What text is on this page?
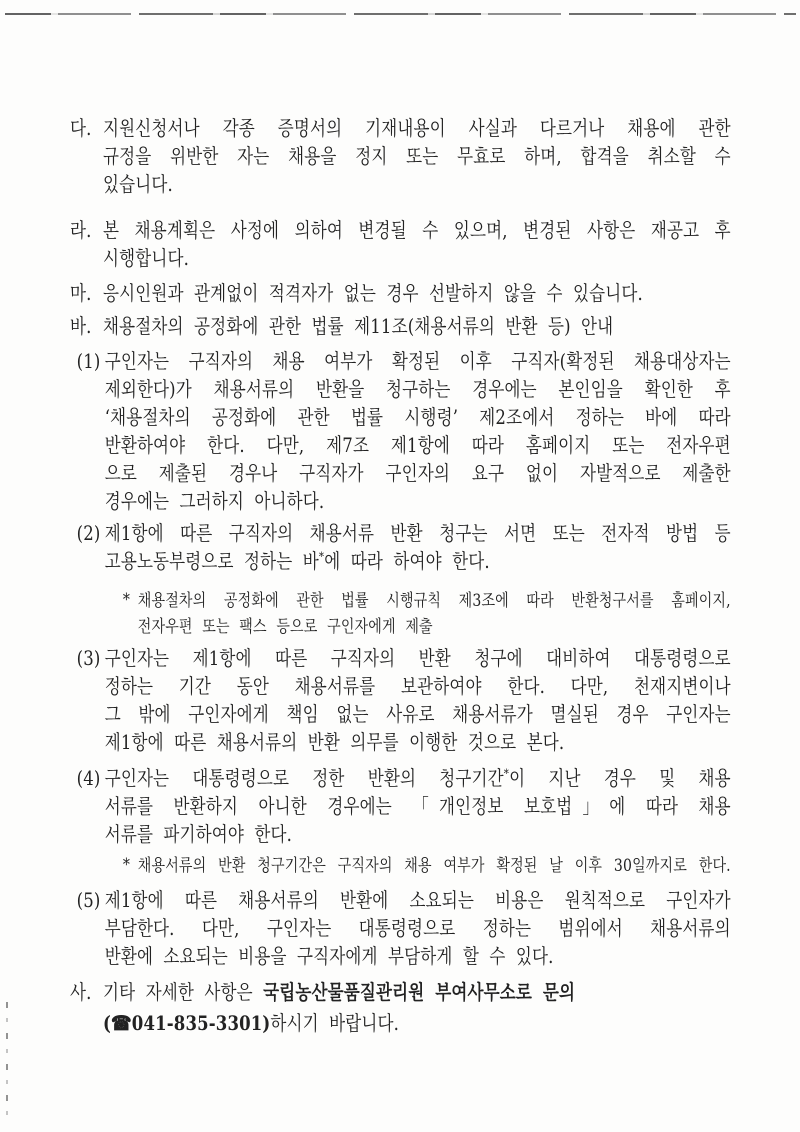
다. 지원신청서나 각종 증명서의 기재내용이 사실과 다르거나 채용에 관한
규정을 위반한 자는 채용을 정지 또는 무효로 하며, 합격을 취소할 수
있습니다.
라. 본 채용계획은 사정에 의하여 변경될 수 있으며, 변경된 사항은 재공고 후
시행합니다.
마. 응시인원과 관계없이 적격자가 없는 경우 선발하지 않을 수 있습니다.
바. 채용절차의 공정화에 관한 법률 제11조(채용서류의 반환 등) 안내
(1) 구인자는 구직자의 채용 여부가 확정된 이후 구직자(확정된 채용대상자는
제외한다)가 채용서류의 반환을 청구하는 경우에는 본인임을 확인한 후
‘채용절차의 공정화에 관한 법률 시행령’ 제2조에서 정하는 바에 따라
반환하여야 한다. 다만, 제7조 제1항에 따라 홈페이지 또는 전자우편
으로 제출된 경우나 구직자가 구인자의 요구 없이 자발적으로 제출한
경우에는 그러하지 아니하다.
(2) 제1항에 따른 구직자의 채용서류 반환 청구는 서면 또는 전자적 방법 등
고용노동부령으로 정하는 바*에 따라 하여야 한다.
* 채용절차의 공정화에 관한 법률 시행규칙 제3조에 따라 반환청구서를 홈페이지,
전자우편 또는 팩스 등으로 구인자에게 제출
(3) 구인자는 제1항에 따른 구직자의 반환 청구에 대비하여 대통령령으로
정하는 기간 동안 채용서류를 보관하여야 한다. 다만, 천재지변이나
그 밖에 구인자에게 책임 없는 사유로 채용서류가 멸실된 경우 구인자는
제1항에 따른 채용서류의 반환 의무를 이행한 것으로 본다.
(4) 구인자는 대통령령으로 정한 반환의 청구기간*이 지난 경우 및 채용
서류를 반환하지 아니한 경우에는 「개인정보 보호법」에 따라 채용
서류를 파기하여야 한다.
* 채용서류의 반환 청구기간은 구직자의 채용 여부가 확정된 날 이후 30일까지로 한다.
(5) 제1항에 따른 채용서류의 반환에 소요되는 비용은 원칙적으로 구인자가
부담한다. 다만, 구인자는 대통령령으로 정하는 범위에서 채용서류의
반환에 소요되는 비용을 구직자에게 부담하게 할 수 있다.
사. 기타 자세한 사항은 국립농산물품질관리원 부여사무소로 문의
(☎041-835-3301)하시기 바랍니다.
